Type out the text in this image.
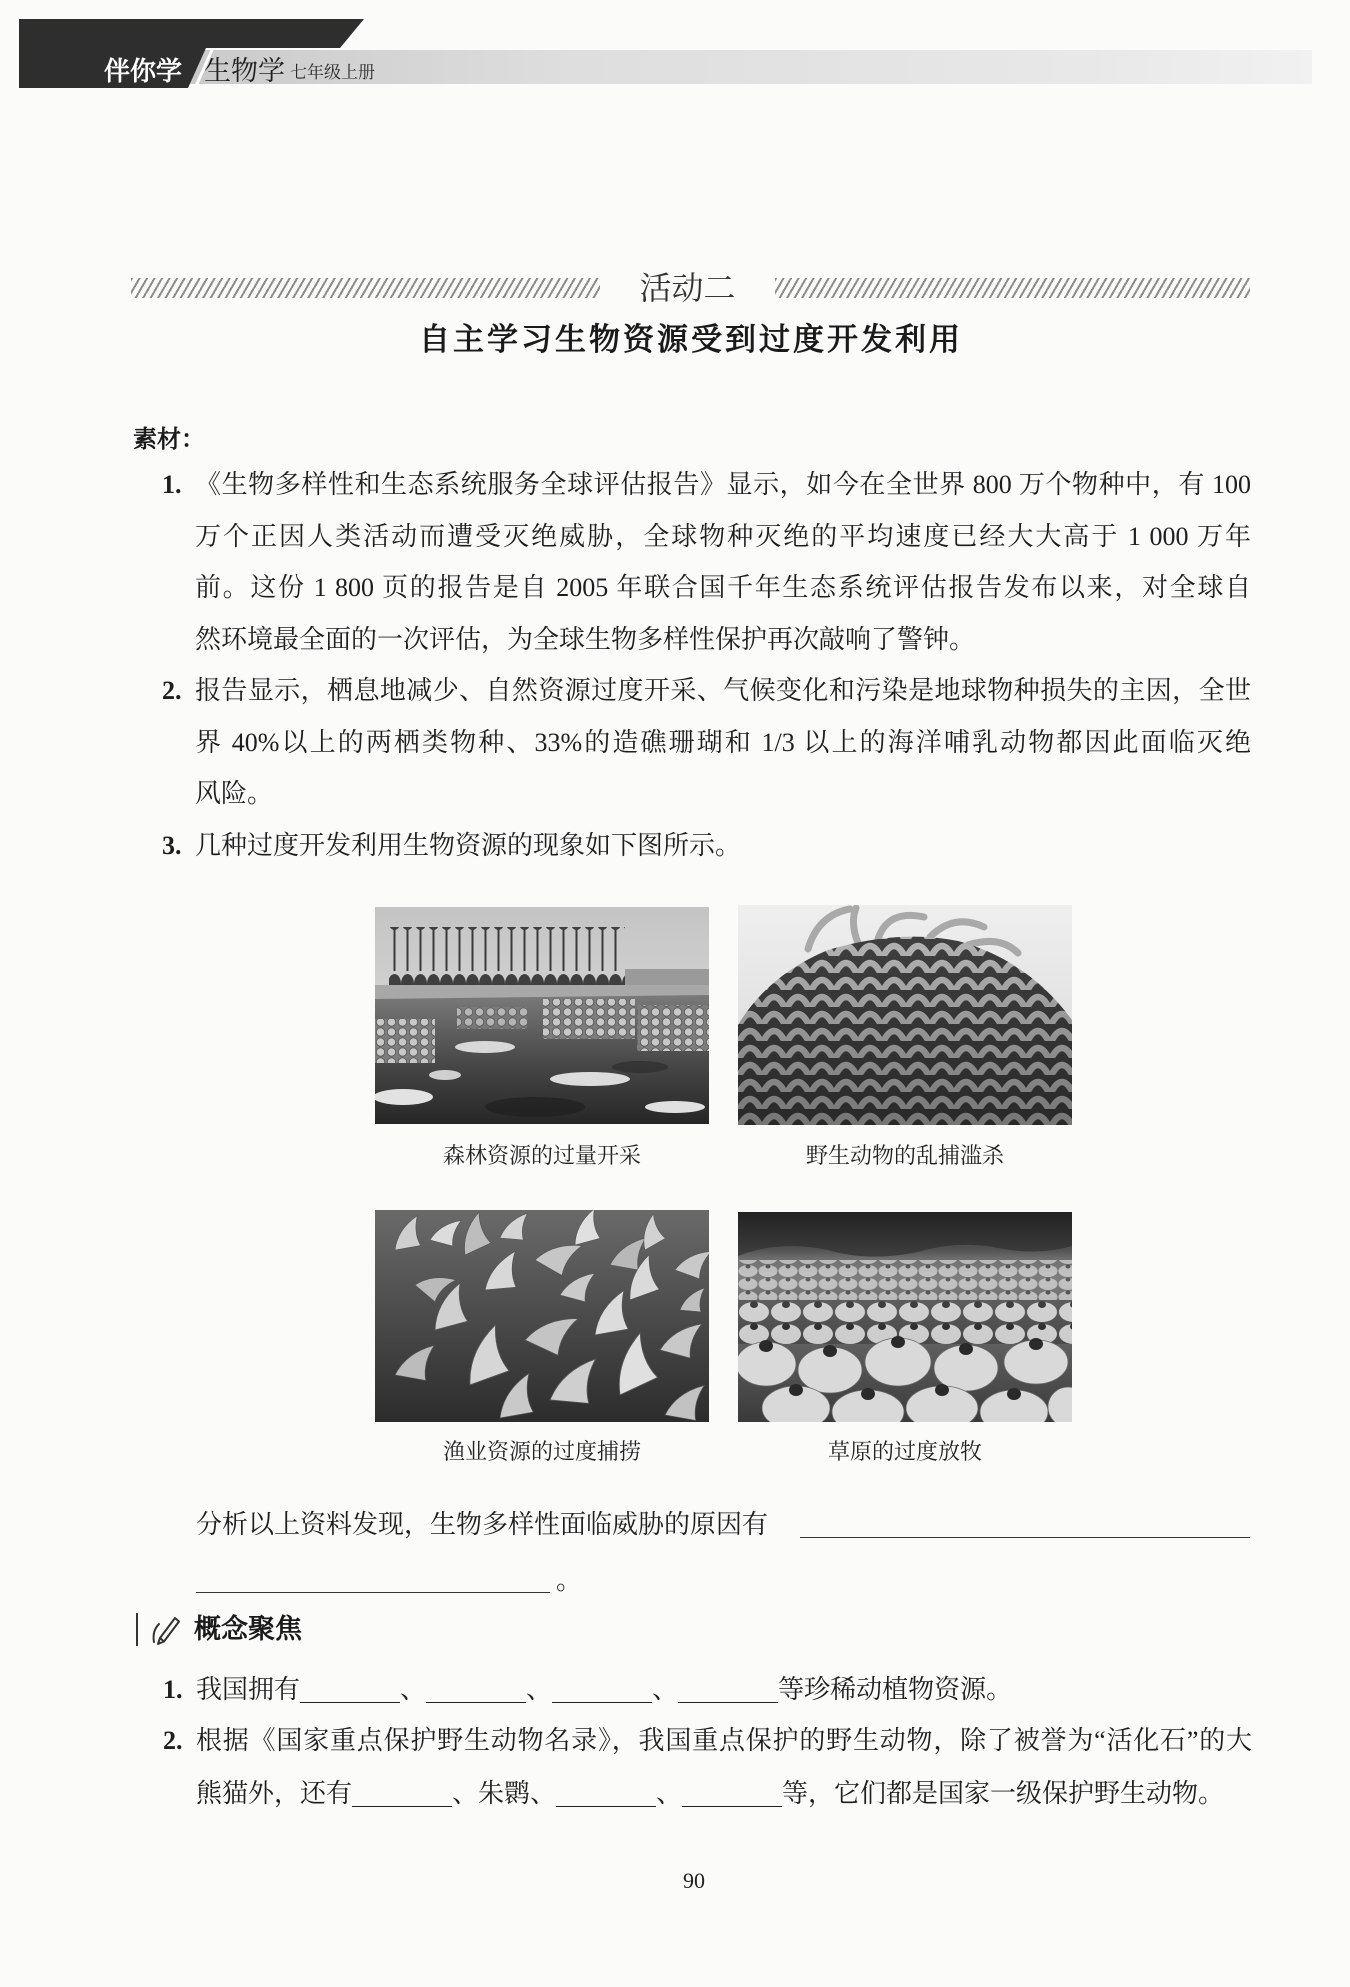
伴你学 生物学 七年级上册
活动二
自主学习生物资源受到过度开发利用
素材：
1. 《生物多样性和生态系统服务全球评估报告》显示，如今在全世界 800 万个物种中，有 100
万个正因人类活动而遭受灭绝威胁，全球物种灭绝的平均速度已经大大高于 1 000 万年
前。这份 1 800 页的报告是自 2005 年联合国千年生态系统评估报告发布以来，对全球自
然环境最全面的一次评估，为全球生物多样性保护再次敲响了警钟。
2. 报告显示，栖息地减少、自然资源过度开采、气候变化和污染是地球物种损失的主因，全世
界 40%以上的两栖类物种、33%的造礁珊瑚和 1/3 以上的海洋哺乳动物都因此面临灭绝
风险。
3. 几种过度开发利用生物资源的现象如下图所示。
森林资源的过量开采	野生动物的乱捕滥杀
渔业资源的过度捕捞	草原的过度放牧
分析以上资料发现，生物多样性面临威胁的原因有
。
概念聚焦
1. 我国拥有	、	、	、	等珍稀动植物资源。
2. 根据《国家重点保护野生动物名录》，我国重点保护的野生动物，除了被誉为“活化石”的大
熊猫外，还有	、朱鹮、	、	等，它们都是国家一级保护野生动物。
90
